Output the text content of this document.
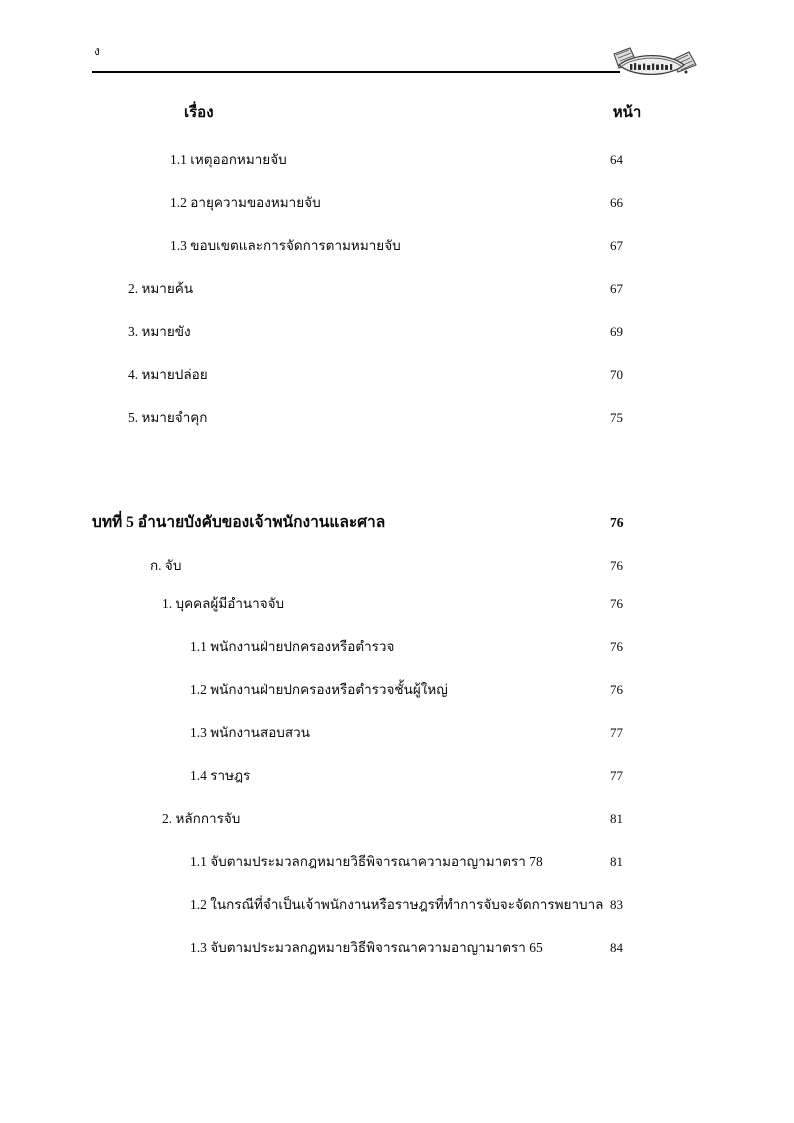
ง
เรื่อง	หน้า
1.1 เหตุออกหมายจับ	64
1.2 อายุความของหมายจับ	66
1.3 ขอบเขตและการจัดการตามหมายจับ	67
2. หมายค้น	67
3. หมายขัง	69
4. หมายปล่อย	70
5. หมายจำคุก	75
บทที่ 5 อำนายบังคับของเจ้าพนักงานและศาล	76
ก. จับ	76
1. บุคคลผู้มีอำนาจจับ	76
1.1 พนักงานฝ่ายปกครองหรือตำรวจ	76
1.2 พนักงานฝ่ายปกครองหรือตำรวจชั้นผู้ใหญ่	76
1.3 พนักงานสอบสวน	77
1.4 ราษฎร	77
2. หลักการจับ	81
1.1 จับตามประมวลกฎหมายวิธีพิจารณาความอาญามาตรา 78	81
1.2 ในกรณีที่จำเป็นเจ้าพนักงานหรือราษฎรที่ทำการจับจะจัดการพยาบาล 83
1.3 จับตามประมวลกฎหมายวิธีพิจารณาความอาญามาตรา 65	84
